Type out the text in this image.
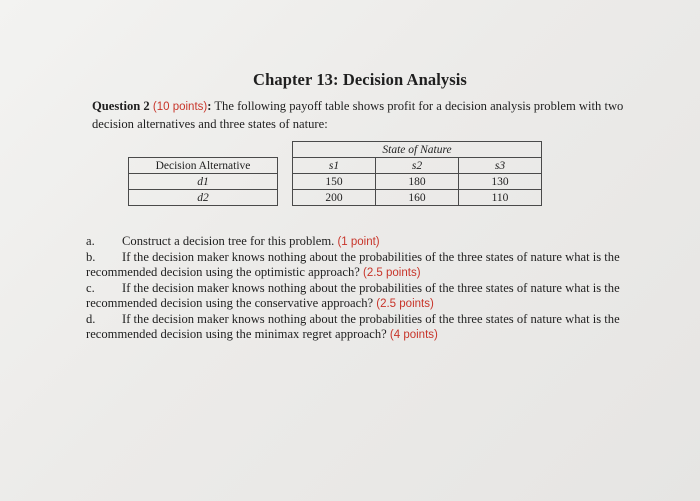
Chapter 13: Decision Analysis
Question 2 (10 points): The following payoff table shows profit for a decision analysis problem with two decision alternatives and three states of nature:
		State of Nature		
Decision Alternative		s1	s2	s3
d1		150	180	130
d2		200	160	110

a. Construct a decision tree for this problem. (1 point)

b. If the decision maker knows nothing about the probabilities of the three states of nature what is the recommended decision using the optimistic approach? (2.5 points)

c. If the decision maker knows nothing about the probabilities of the three states of nature what is the recommended decision using the conservative approach? (2.5 points)

d. If the decision maker knows nothing about the probabilities of the three states of nature what is the recommended decision using the minimax regret approach? (4 points)
